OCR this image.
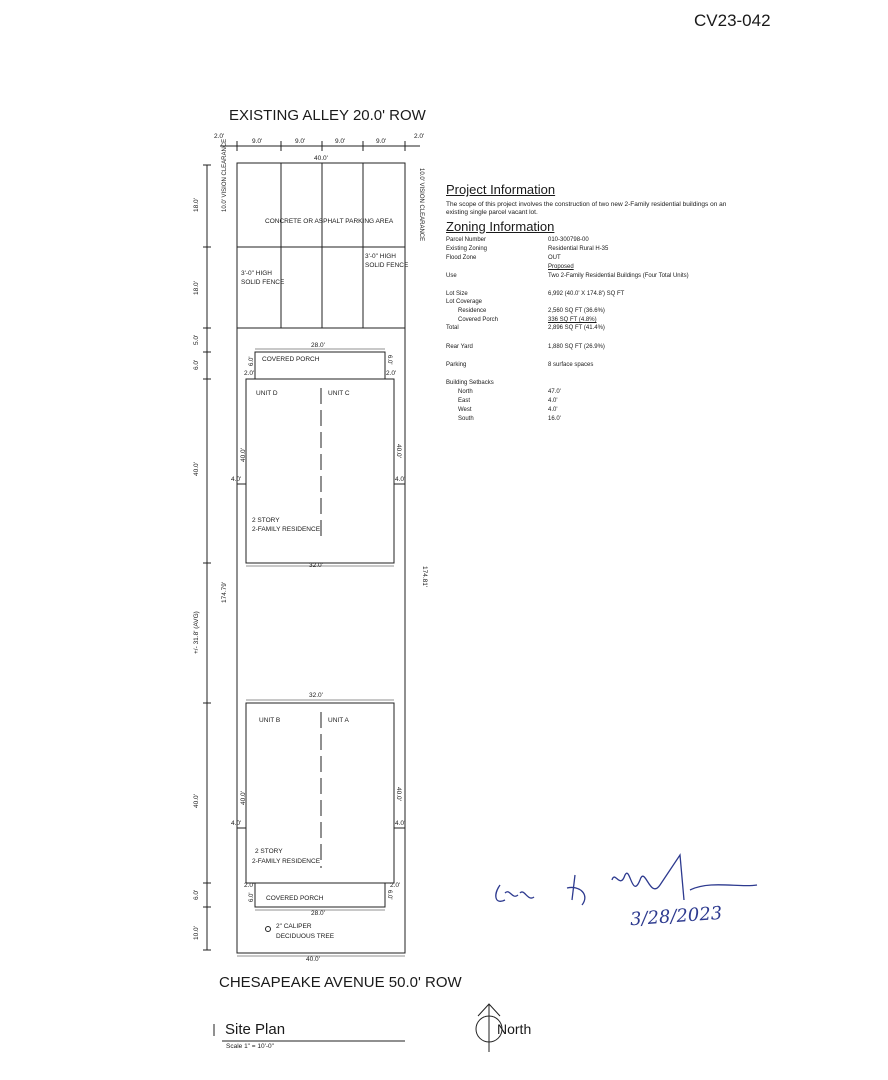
CV23-042
EXISTING ALLEY 20.0' ROW
2.0'
9.0'	9.0'	9.0'	9.0'
2.0'
40.0'
10.0' VISION CLEARANCE	10.0' VISION CLEARANCE
CONCRETE OR ASPHALT PARKING AREA
3'-0" HIGH
SOLID FENCE
3'-0" HIGH
SOLID FENCE
18.0'
18.0'
5.0'
6.0'
40.0'
+/- 31.8' (AVG)
40.0'
6.0'
10.0'
174.79'
174.81'
28.0'
COVERED PORCH
6.0'	6.0'
2.0'	2.0'
UNIT D	UNIT C
40.0'	40.0'
4.0'	4.0'
2 STORY
2-FAMILY RESIDENCE
32.0'
32.0'
UNIT B	UNIT A
40.0'	40.0'
4.0'	4.0'
2 STORY
2-FAMILY RESIDENCE
2.0'	2.0'
COVERED PORCH
6.0'	6.0'
28.0'
2" CALIPER
DECIDUOUS TREE
40.0'
CHESAPEAKE AVENUE 50.0' ROW
Site Plan
Scale 1" = 10'-0"
North
Project Information
The scope of this project involves the construction of two new 2-Family residential buildings on an
existing single parcel vacant lot.
Zoning Information
Parcel Number	010-300798-00
Existing Zoning	Residential Rural H-35
Flood Zone	OUT
Proposed
Use	Two 2-Family Residential Buildings (Four Total Units)
Lot Size	6,992 (40.0' X 174.8') SQ FT
Lot Coverage
Residence	2,560 SQ FT (36.6%)
Covered Porch	336 SQ FT (4.8%)
Total	2,896 SQ FT (41.4%)
Rear Yard	1,880 SQ FT (26.9%)
Parking	8 surface spaces
Building Setbacks
North	47.0'
East	4.0'
West	4.0'
South	16.0'
3/28/2023
